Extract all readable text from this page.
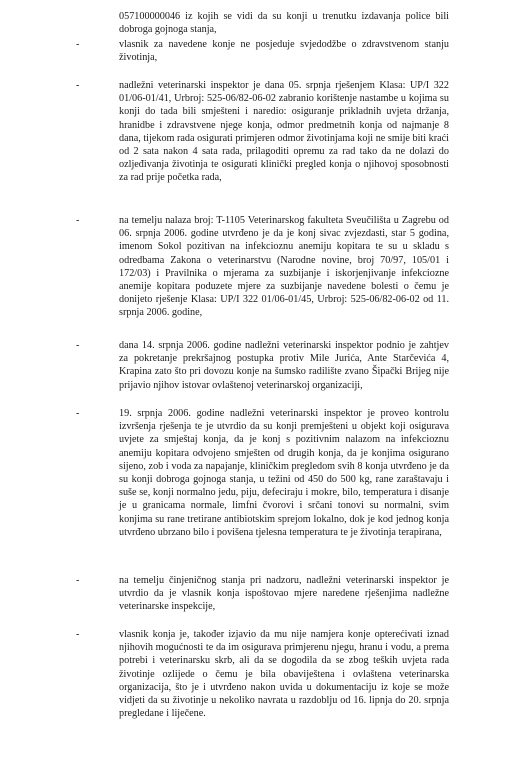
057100000046 iz kojih se vidi da su konji u trenutku izdavanja police bili dobroga gojnoga stanja,
-	vlasnik za navedene konje ne posjeduje svjedodžbe o zdravstvenom stanju životinja,
-	nadležni veterinarski inspektor je dana 05. srpnja rješenjem Klasa: UP/I 322 01/06-01/41, Urbroj: 525-06/82-06-02 zabranio korištenje nastambe u kojima su konji do tada bili smješteni i naredio: osiguranje prikladnih uvjeta držanja, hranidbe i zdravstvene njege konja, odmor predmetnih konja od najmanje 8 dana, tijekom rada osigurati primjeren odmor životinjama koji ne smije biti kraći od 2 sata nakon 4 sata rada, prilagoditi opremu za rad tako da ne dolazi do ozljeđivanja životinja te osigurati klinički pregled konja o njihovoj sposobnosti za rad prije početka rada,
-	na temelju nalaza broj: T-1105 Veterinarskog fakulteta Sveučilišta u Zagrebu od 06. srpnja 2006. godine utvrđeno je da je konj sivac zvjezdasti, star 5 godina, imenom Sokol pozitivan na infekcioznu anemiju kopitara te su u skladu s odredbama Zakona o veterinarstvu (Narodne novine, broj 70/97, 105/01 i 172/03) i Pravilnika o mjerama za suzbijanje i iskorjenjivanje infekciozne anemije kopitara poduzete mjere za suzbijanje navedene bolesti o čemu je donijeto rješenje Klasa: UP/I 322 01/06-01/45, Urbroj: 525-06/82-06-02 od 11. srpnja 2006. godine,
-	dana 14. srpnja 2006. godine nadležni veterinarski inspektor podnio je zahtjev za pokretanje prekršajnog postupka protiv Mile Jurića, Ante Starčevića 4, Krapina zato što pri dovozu konje na šumsko radilište zvano Šipački Brijeg nije prijavio njihov istovar ovlaštenoj veterinarskoj organizaciji,
-	19. srpnja 2006. godine nadležni veterinarski inspektor je proveo kontrolu izvršenja rješenja te je utvrdio da su konji premješteni u objekt koji osigurava uvjete za smještaj konja, da je konj s pozitivnim nalazom na infekcioznu anemiju kopitara odvojeno smješten od drugih konja, da je konjima osigurano sijeno, zob i voda za napajanje, kliničkim pregledom svih 8 konja utvrđeno je da su konji dobroga gojnoga stanja, u težini od 450 do 500 kg, rane zaraštavaju i suše se, konji normalno jedu, piju, defeciraju i mokre, bilo, temperatura i disanje je u granicama normale, limfni čvorovi i srčani tonovi su normalni, svim konjima su rane tretirane antibiotskim sprejom lokalno, dok je kod jednog konja utvrđeno ubrzano bilo i povišena tjelesna temperatura te je životinja terapirana,
-	na temelju činjeničnog stanja pri nadzoru, nadležni veterinarski inspektor je utvrdio da je vlasnik konja ispoštovao mjere naredene rješenjima nadležne veterinarske inspekcije,
-	vlasnik konja je, također izjavio da mu nije namjera konje opterećivati iznad njihovih mogućnosti te da im osigurava primjerenu njegu, hranu i vodu, a prema potrebi i veterinarsku skrb, ali da se dogodila da se zbog teških uvjeta rada životinje ozlijede o čemu je bila obaviještena i ovlaštena veterinarska organizacija, što je i utvrđeno nakon uvida u dokumentaciju iz koje se može vidjeti da su životinje u nekoliko navrata u razdoblju od 16. lipnja do 20. srpnja pregledane i liječene.
